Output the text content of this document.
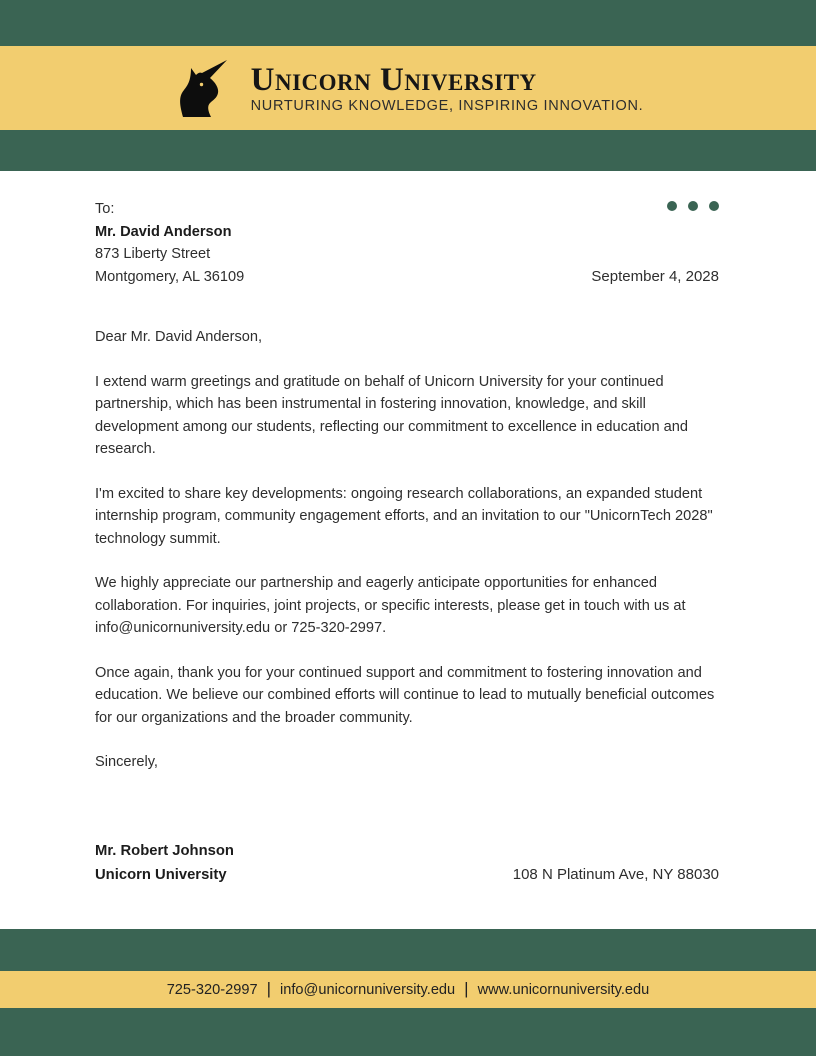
Unicorn University
NURTURING KNOWLEDGE, INSPIRING INNOVATION.
To:
Mr. David Anderson
873 Liberty Street
Montgomery, AL 36109	September 4, 2028

Dear Mr. David Anderson,

I extend warm greetings and gratitude on behalf of Unicorn University for your continued partnership, which has been instrumental in fostering innovation, knowledge, and skill development among our students, reflecting our commitment to excellence in education and research.

I'm excited to share key developments: ongoing research collaborations, an expanded student internship program, community engagement efforts, and an invitation to our "UnicornTech 2028" technology summit.

We highly appreciate our partnership and eagerly anticipate opportunities for enhanced collaboration. For inquiries, joint projects, or specific interests, please get in touch with us at info@unicornuniversity.edu or 725-320-2997.

Once again, thank you for your continued support and commitment to fostering innovation and education. We believe our combined efforts will continue to lead to mutually beneficial outcomes for our organizations and the broader community.

Sincerely,

Mr. Robert Johnson
Unicorn University	108 N Platinum Ave, NY 88030
725-320-2997 | info@unicornuniversity.edu | www.unicornuniversity.edu
